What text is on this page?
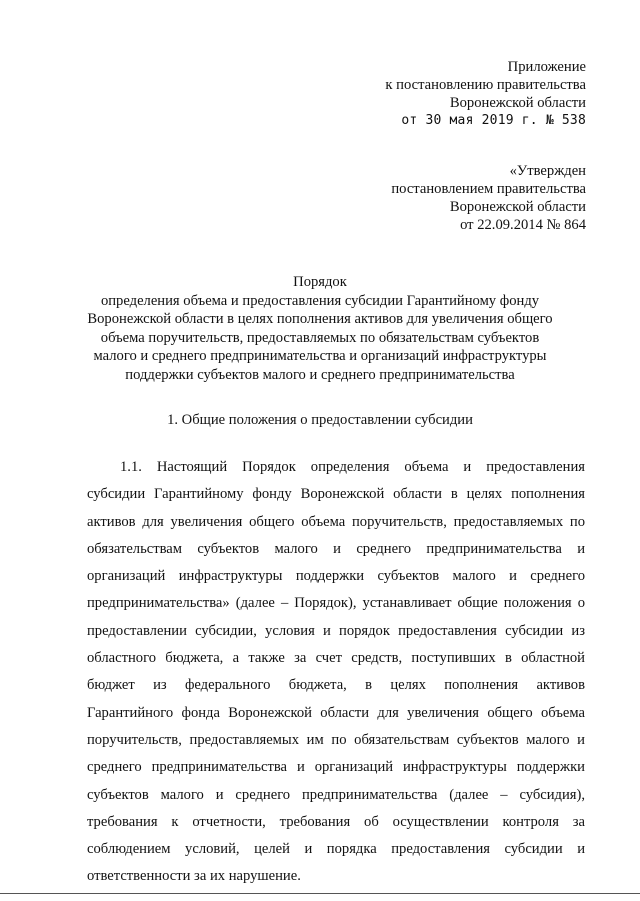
Приложение
к постановлению правительства
Воронежской области
от 30 мая 2019 г. № 538
«Утвержден
постановлением правительства
Воронежской области
от 22.09.2014 № 864
Порядок
определения объема и предоставления субсидии Гарантийному фонду
Воронежской области в целях пополнения активов для увеличения общего
объема поручительств, предоставляемых по обязательствам субъектов
малого и среднего предпринимательства и организаций инфраструктуры
поддержки субъектов малого и среднего предпринимательства
1. Общие положения о предоставлении субсидии
1.1. Настоящий Порядок определения объема и предоставления
субсидии Гарантийному фонду Воронежской области в целях пополнения
активов для увеличения общего объема поручительств, предоставляемых по
обязательствам субъектов малого и среднего предпринимательства и
организаций инфраструктуры поддержки субъектов малого и среднего
предпринимательства» (далее – Порядок), устанавливает общие положения о
предоставлении субсидии, условия и порядок предоставления субсидии из
областного бюджета, а также за счет средств, поступивших в областной
бюджет из федерального бюджета, в целях пополнения активов
Гарантийного фонда Воронежской области для увеличения общего объема
поручительств, предоставляемых им по обязательствам субъектов малого и
среднего предпринимательства и организаций инфраструктуры поддержки
субъектов малого и среднего предпринимательства (далее – субсидия),
требования к отчетности, требования об осуществлении контроля за
соблюдением условий, целей и порядка предоставления субсидии и
ответственности за их нарушение.
